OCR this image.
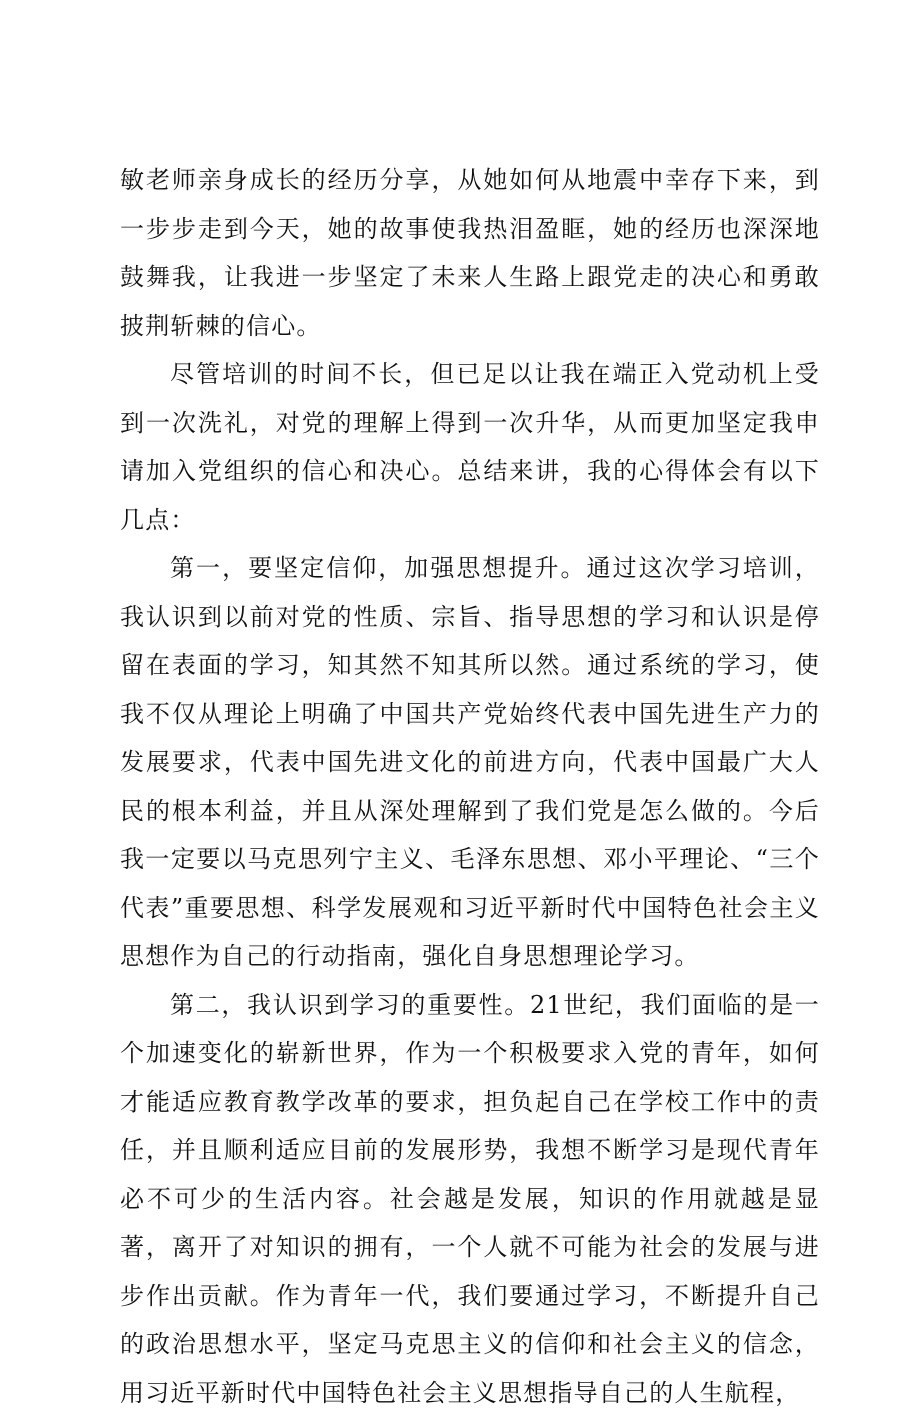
敏老师亲身成长的经历分享，从她如何从地震中幸存下来，到一步步走到今天，她的故事使我热泪盈眶，她的经历也深深地鼓舞我，让我进一步坚定了未来人生路上跟党走的决心和勇敢披荆斩棘的信心。

尽管培训的时间不长，但已足以让我在端正入党动机上受到一次洗礼，对党的理解上得到一次升华，从而更加坚定我申请加入党组织的信心和决心。总结来讲，我的心得体会有以下几点：

第一，要坚定信仰，加强思想提升。通过这次学习培训，我认识到以前对党的性质、宗旨、指导思想的学习和认识是停留在表面的学习，知其然不知其所以然。通过系统的学习，使我不仅从理论上明确了中国共产党始终代表中国先进生产力的发展要求，代表中国先进文化的前进方向，代表中国最广大人民的根本利益，并且从深处理解到了我们党是怎么做的。今后我一定要以马克思列宁主义、毛泽东思想、邓小平理论、“三个代表”重要思想、科学发展观和习近平新时代中国特色社会主义思想作为自己的行动指南，强化自身思想理论学习。

第二，我认识到学习的重要性。21世纪，我们面临的是一个加速变化的崭新世界，作为一个积极要求入党的青年，如何才能适应教育教学改革的要求，担负起自己在学校工作中的责任，并且顺利适应目前的发展形势，我想不断学习是现代青年必不可少的生活内容。社会越是发展，知识的作用就越是显著，离开了对知识的拥有，一个人就不可能为社会的发展与进步作出贡献。作为青年一代，我们要通过学习，不断提升自己的政治思想水平，坚定马克思主义的信仰和社会主义的信念，用习近平新时代中国特色社会主义思想指导自己的人生航程，
